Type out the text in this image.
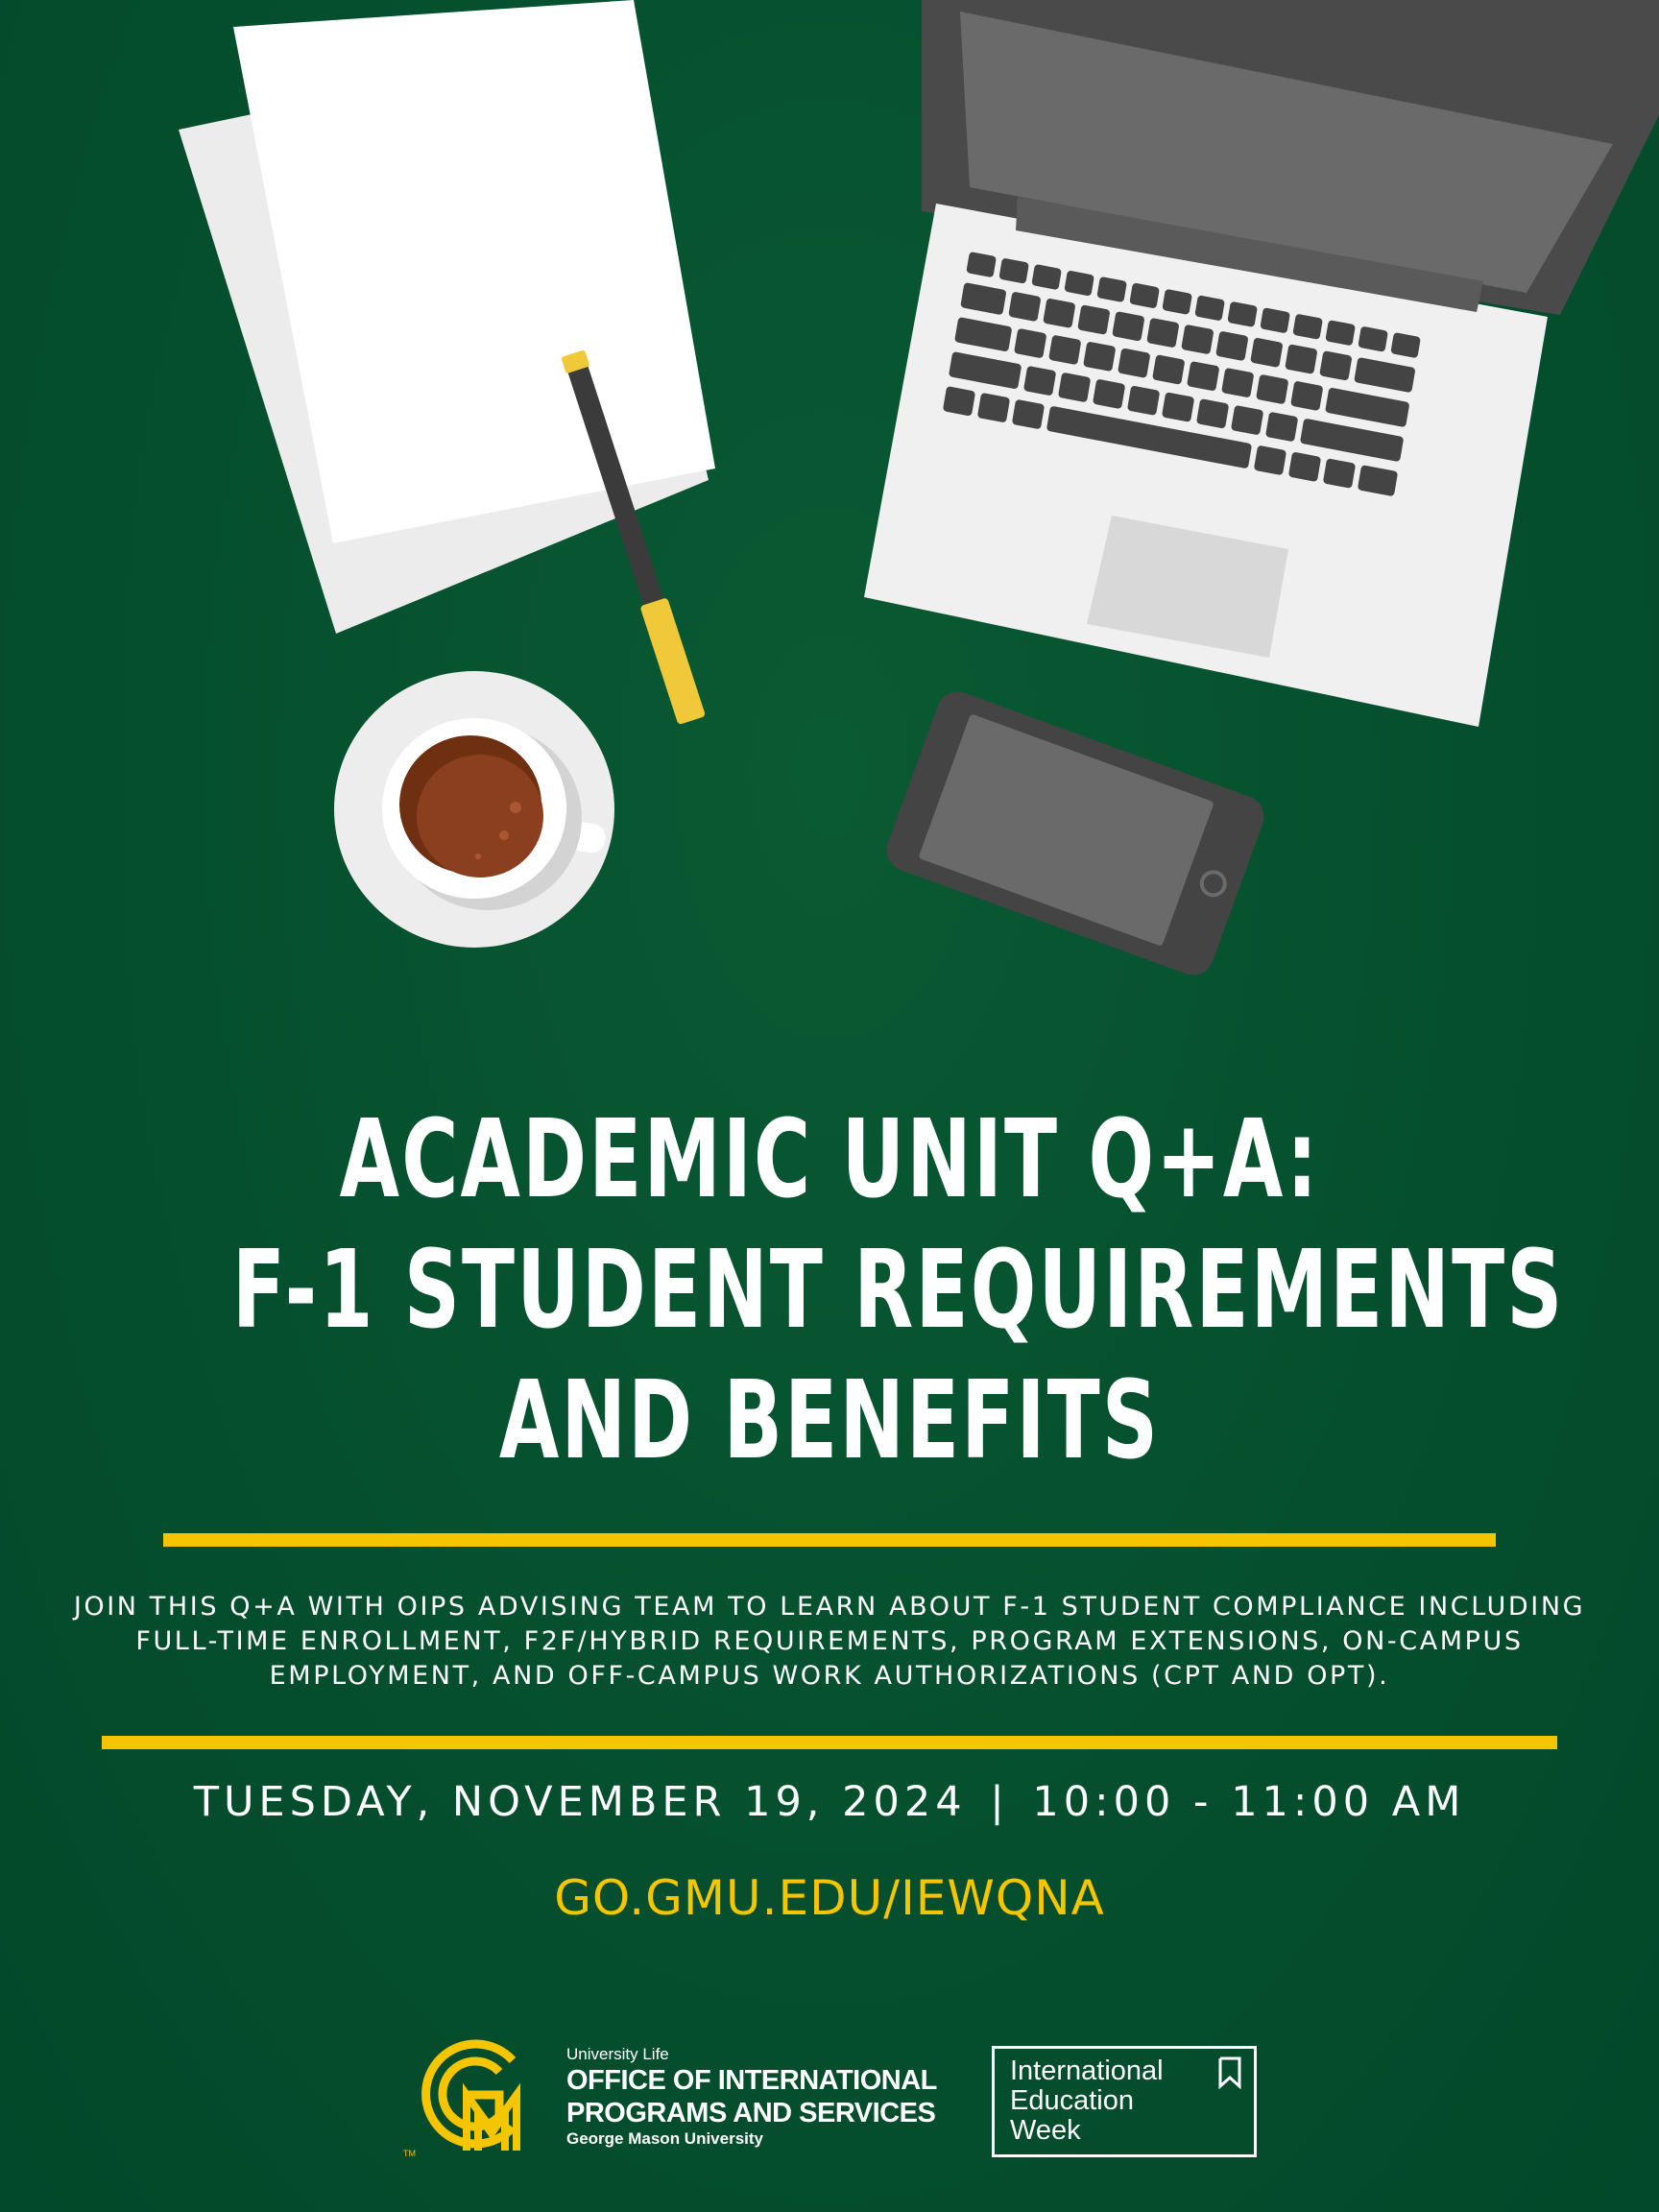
ACADEMIC UNIT Q+A:
F-1 STUDENT REQUIREMENTS
AND BENEFITS
JOIN THIS Q+A WITH OIPS ADVISING TEAM TO LEARN ABOUT F-1 STUDENT COMPLIANCE INCLUDING
FULL-TIME ENROLLMENT, F2F/HYBRID REQUIREMENTS, PROGRAM EXTENSIONS, ON-CAMPUS
EMPLOYMENT, AND OFF-CAMPUS WORK AUTHORIZATIONS (CPT AND OPT).
TUESDAY, NOVEMBER 19, 2024 | 10:00 - 11:00 AM
GO.GMU.EDU/IEWQNA
TM
University Life
OFFICE OF INTERNATIONAL
PROGRAMS AND SERVICES
George Mason University
International
Education
Week
